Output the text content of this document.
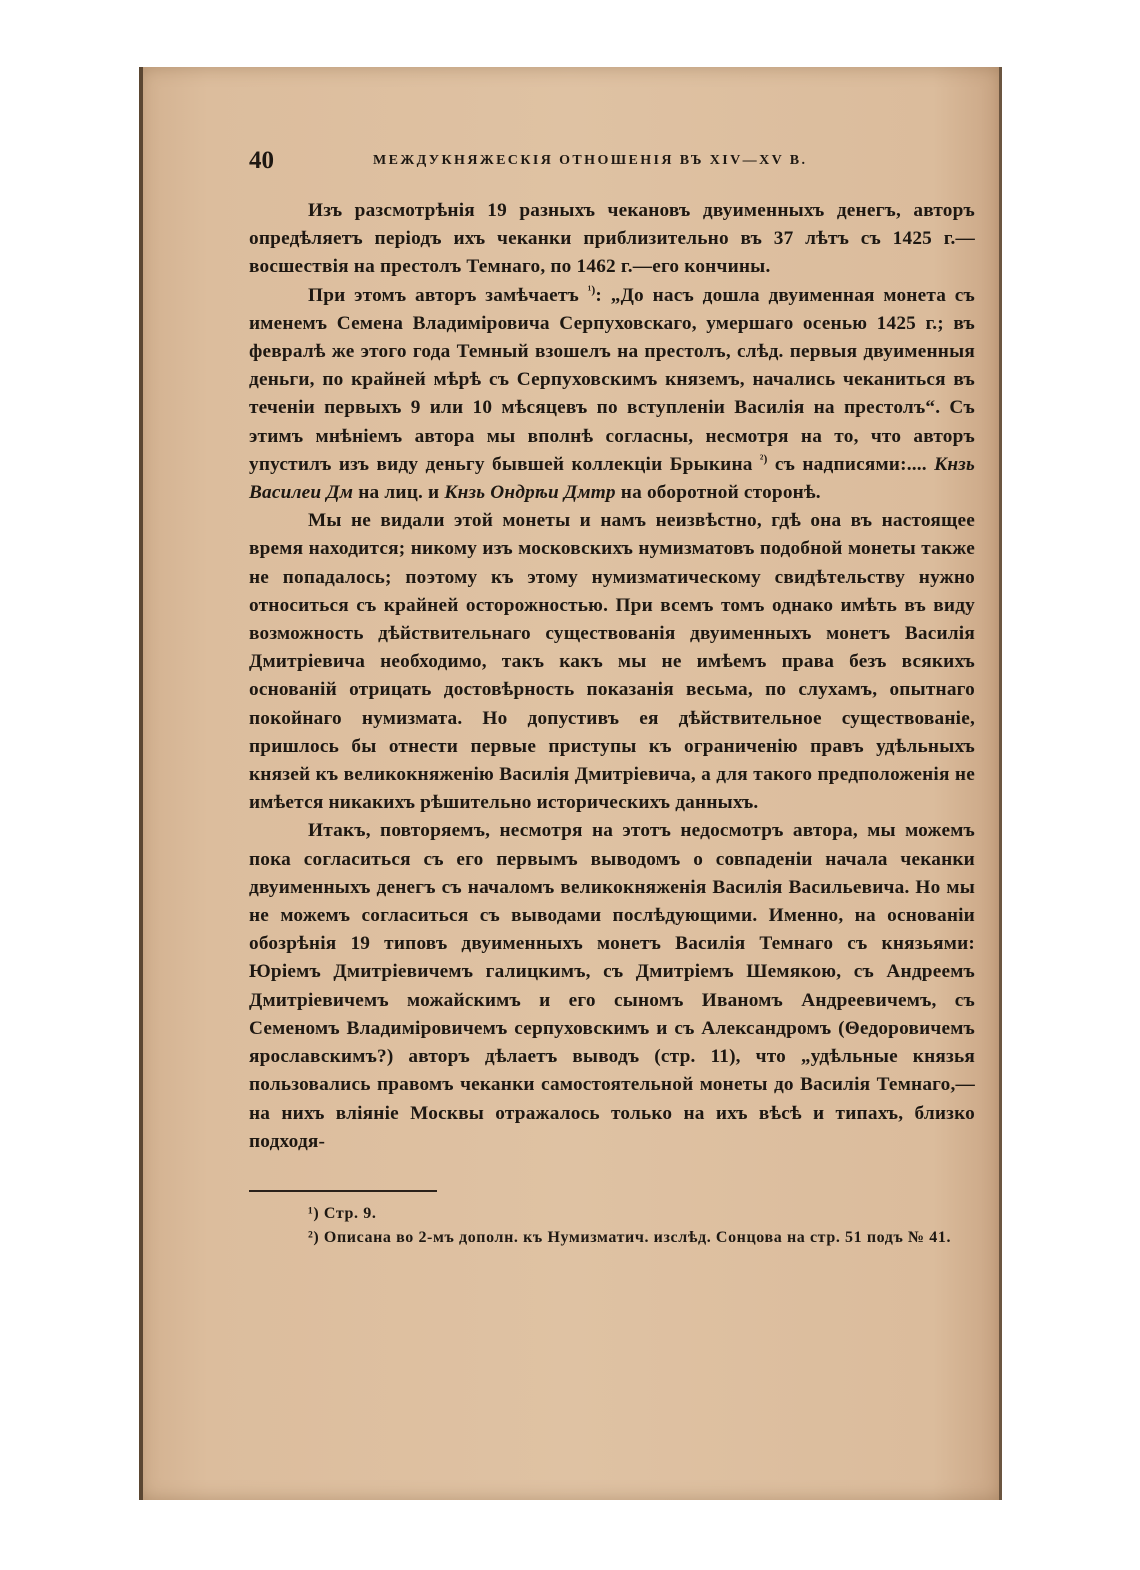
40	МЕЖДУКНЯЖЕСКІЯ ОТНОШЕНІЯ ВЪ XIV—XV В.

Изъ разсмотрѣнія 19 разныхъ чекановъ двуименныхъ денегъ, авторъ опредѣляетъ періодъ ихъ чеканки приблизительно въ 37 лѣтъ съ 1425 г.—восшествія на престолъ Темнаго, по 1462 г.—его кончины.

При этомъ авторъ замѣчаетъ $^{^1)}$: „До насъ дошла двуименная монета съ именемъ Семена Владиміровича Серпуховскаго, умершаго осенью 1425 г.; въ февралѣ же этого года Темный взошелъ на престолъ, слѣд. первыя двуименныя деньги, по крайней мѣрѣ съ Серпуховскимъ княземъ, начались чеканиться въ теченіи первыхъ 9 или 10 мѣсяцевъ по вступленіи Василія на престолъ“. Съ этимъ мнѣніемъ автора мы вполнѣ согласны, несмотря на то, что авторъ упустилъ изъ виду деньгу бывшей коллекціи Брыкина $^{^2)}$ съ надписями:.... Кнзь Василеи Дм на лиц. и Кнзь Ондрѣи Дмтр на оборотной сторонѣ.

Мы не видали этой монеты и намъ неизвѣстно, гдѣ она въ настоящее время находится; никому изъ московскихъ нумизматовъ подобной монеты также не попадалось; поэтому къ этому нумизматическому свидѣтельству нужно относиться съ крайней осторожностью. При всемъ томъ однако имѣть въ виду возможность дѣйствительнаго существованія двуименныхъ монетъ Василія Дмитріевича необходимо, такъ какъ мы не имѣемъ права безъ всякихъ основаній отрицать достовѣрность показанія весьма, по слухамъ, опытнаго покойнаго нумизмата. Но допустивъ ея дѣйствительное существованіе, пришлось бы отнести первые приступы къ ограниченію правъ удѣльныхъ князей къ великокняженію Василія Дмитріевича, а для такого предположенія не имѣется никакихъ рѣшительно историческихъ данныхъ.

Итакъ, повторяемъ, несмотря на этотъ недосмотръ автора, мы можемъ пока согласиться съ его первымъ выводомъ о совпаденіи начала чеканки двуименныхъ денегъ съ началомъ великокняженія Василія Васильевича. Но мы не можемъ согласиться съ выводами послѣдующими. Именно, на основаніи обозрѣнія 19 типовъ двуименныхъ монетъ Василія Темнаго съ князьями: Юріемъ Дмитріевичемъ галицкимъ, съ Дмитріемъ Шемякою, съ Андреемъ Дмитріевичемъ можайскимъ и его сыномъ Иваномъ Андреевичемъ, съ Семеномъ Владиміровичемъ серпуховскимъ и съ Александромъ (Θедоровичемъ ярославскимъ?) авторъ дѣлаетъ выводъ (стр. 11), что „удѣльные князья пользовались правомъ чеканки самостоятельной монеты до Василія Темнаго,—на нихъ вліяніе Москвы отражалось только на ихъ вѣсѣ и типахъ, близко подходя-

¹) Стр. 9.

²) Описана во 2-мъ дополн. къ Нумизматич. изслѣд. Сонцова на стр. 51 подъ № 41.
